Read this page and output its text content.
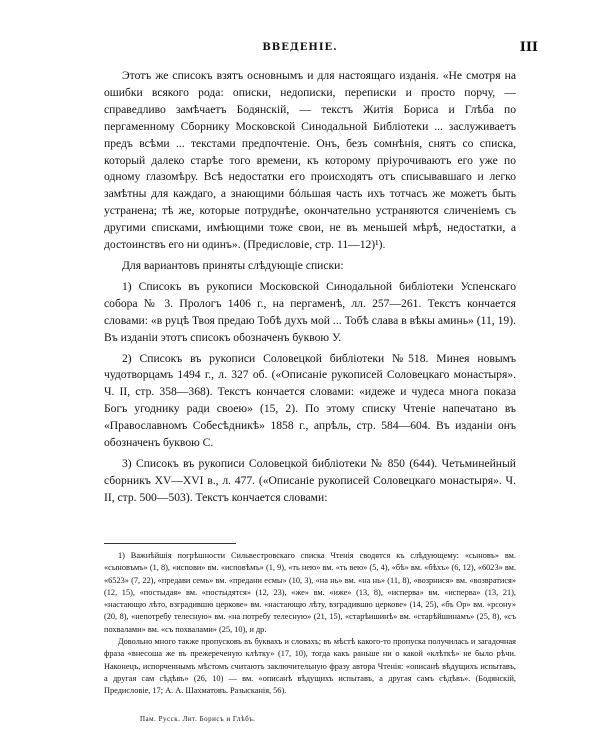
ВВЕДЕНІЕ.	III

Этотъ же списокъ взятъ основнымъ и для настоящаго изданія. «Не смотря на ошибки всякого рода: описки, недописки, переписки и просто порчу, — справедливо замѣчаетъ Бодянскій, — текстъ Житія Бориса и Глѣба по пергаменному Сборнику Московской Синодальной Библіотеки ... заслуживаетъ предъ всѣми ... текстами предпочтеніе. Онъ, безъ сомнѣнія, снятъ со списка, который далеко старѣе того времени, къ которому пріурочиваютъ его уже по одному глазомѣру. Всѣ недостатки его происходятъ отъ списывавшаго и легко замѣтны для каждаго, а знающими бóльшая часть ихъ тотчасъ же можетъ быть устранена; тѣ же, которые потруднѣе, окончательно устраняются сличеніемъ съ другими списками, имѣющими тоже свои, не въ меньшей мѣрѣ, недостатки, а достоинствъ его ни одинъ». (Предисловіе, стр. 11—12)¹).

Для вариантовъ приняты слѣдующіе списки:

1) Списокъ въ рукописи Московской Синодальной библіотеки Успенскаго собора № 3. Прологъ 1406 г., на пергаменѣ, лл. 257—261. Текстъ кончается словами: «в руцѣ Твоя предаю Тобѣ духъ мой ... Тобѣ слава в вѣкы аминь» (11, 19). Въ изданіи этотъ списокъ обозначенъ буквою У.

2) Списокъ въ рукописи Соловецкой библіотеки №518. Минея новымъ чудотворцамъ 1494 г., л. 327 об. («Описаніе рукописей Соловецкаго монастыря». Ч. II, стр. 358—368). Текстъ кончается словами: «идеже и чудеса многа показа Богъ угоднику ради своею» (15, 2). По этому списку Чтеніе напечатано въ «Православномъ Собесѣдникѣ» 1858 г., апрѣль, стр. 584—604. Въ изданіи онъ обозначенъ буквою С.

3) Списокъ въ рукописи Соловецкой библіотеки № 850 (644). Четьминейный сборникъ XV—XVI в., л. 477. («Описаніе рукописей Соловецкаго монастыря». Ч. II, стр. 500—503). Текстъ кончается словами:

1) Важнѣйшія погрѣшности Сильвестровскаго списка Чтенія сводятся къ слѣдующему: «сыновъ» вм. «сыновъмъ» (1, 8), «испови» вм. «исповѣмъ» (1, 9), «ть нею» вм. «ть вею» (5, 4), «бѣ» вм. «бѣхъ» (6, 12), «6023» вм. «6523» (7, 22), «предави семь» вм. «предани есмы» (10, 3), «на нь» вм. «на нь» (11, 8), «возрнися» вм. «возвратися» (12, 15), «постыдая» вм. «постыдятся» (12, 23), «же» вм. «иже» (13, 8), «исперва» вм. «исперва» (13, 21), «настающю лѣто, взградившю церкове» вм. «настающю лѣту, взградившю церкове» (14, 25), «бъ Ор» вм. «рсону» (20, 8), «непотребу телесную» вм. «на потребу телесную» (21, 15), «старѣишинѣ» вм. «старѣйшинамъ» (25, 8), «съ похвалами» вм. «съ похвалами» (25, 10), и др.

Довольно много также пропусковъ въ буквахъ и словахъ; въ мѣстѣ какого-то пропуска получилась и загадочная фраза «внесоша же въ прежереченую клѣтку» (17, 10), тогда какъ раньше ни о какой «клѣткѣ» не было рѣчи. Наконецъ, испорченнымъ мѣстомъ считаютъ заключительную фразу автора Чтенія: «описанѣ вѣдущихъ испытавъ, а другая сам сѣдѣвъ» (26, 10) — вм. «описанѣ вѣдущихъ испытавъ, а другая самъ сѣдѣвъ». (Бодянскій, Предисловіе, 17; А. А. Шахматовъ. Разысканія, 56).

Пам. Русск. Лит. Борисъ и Глѣбъ.
